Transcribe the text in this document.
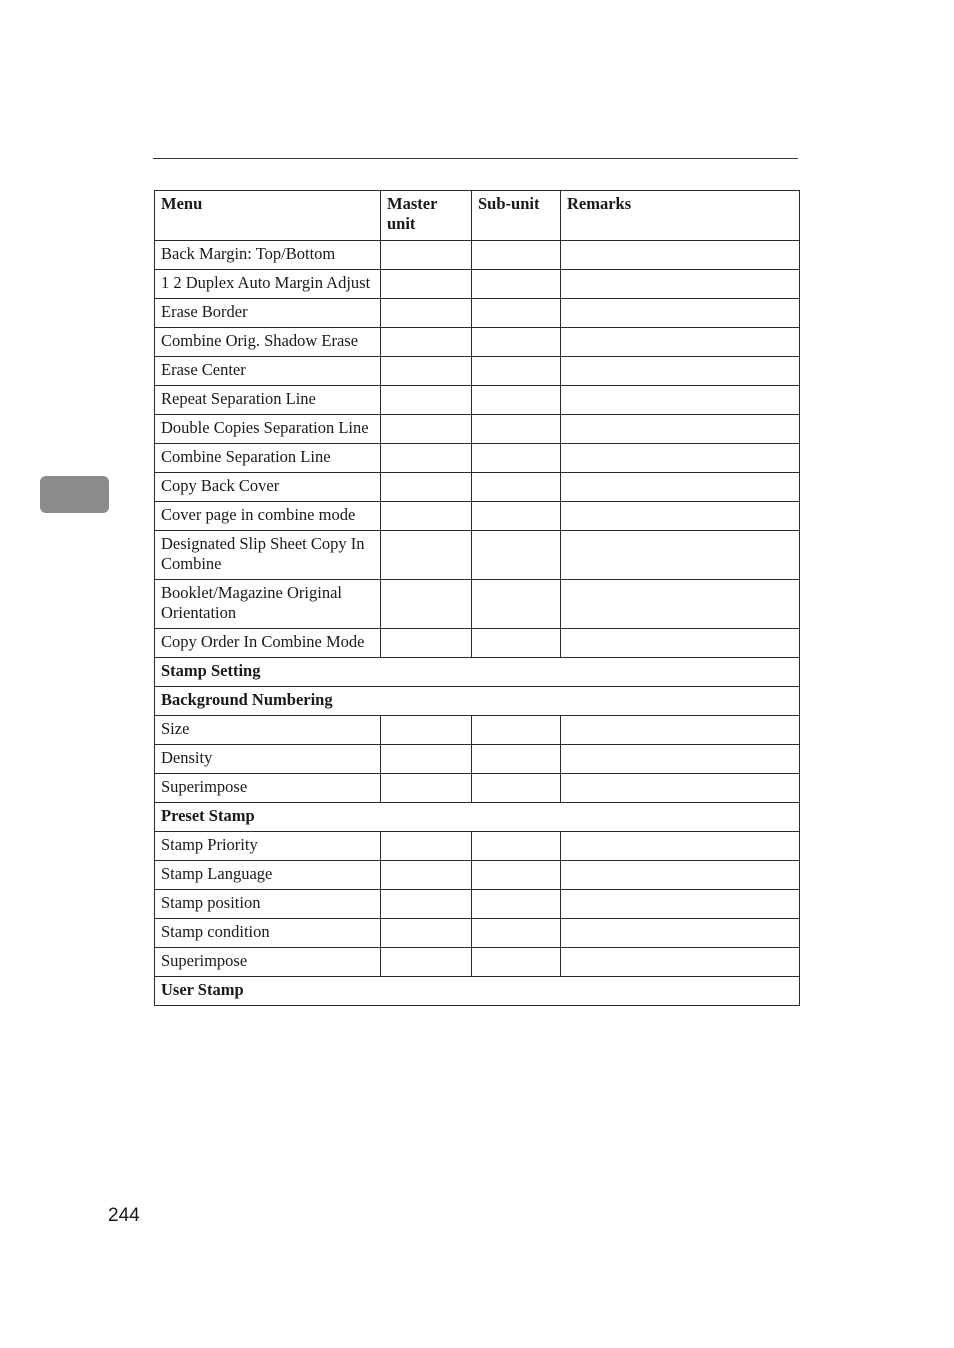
Menu	Master unit	Sub-unit	Remarks
Back Margin: Top/Bottom			
1 2 Duplex Auto Margin Adjust			
Erase Border			
Combine Orig. Shadow Erase			
Erase Center			
Repeat Separation Line			
Double Copies Separation Line			
Combine Separation Line			
Copy Back Cover			
Cover page in combine mode			
Designated Slip Sheet Copy In Combine			
Booklet/Magazine Original Orientation			
Copy Order In Combine Mode			
Stamp Setting			
Background Numbering			
Size			
Density			
Superimpose			
Preset Stamp			
Stamp Priority			
Stamp Language			
Stamp position			
Stamp condition			
Superimpose			
User Stamp			
244
